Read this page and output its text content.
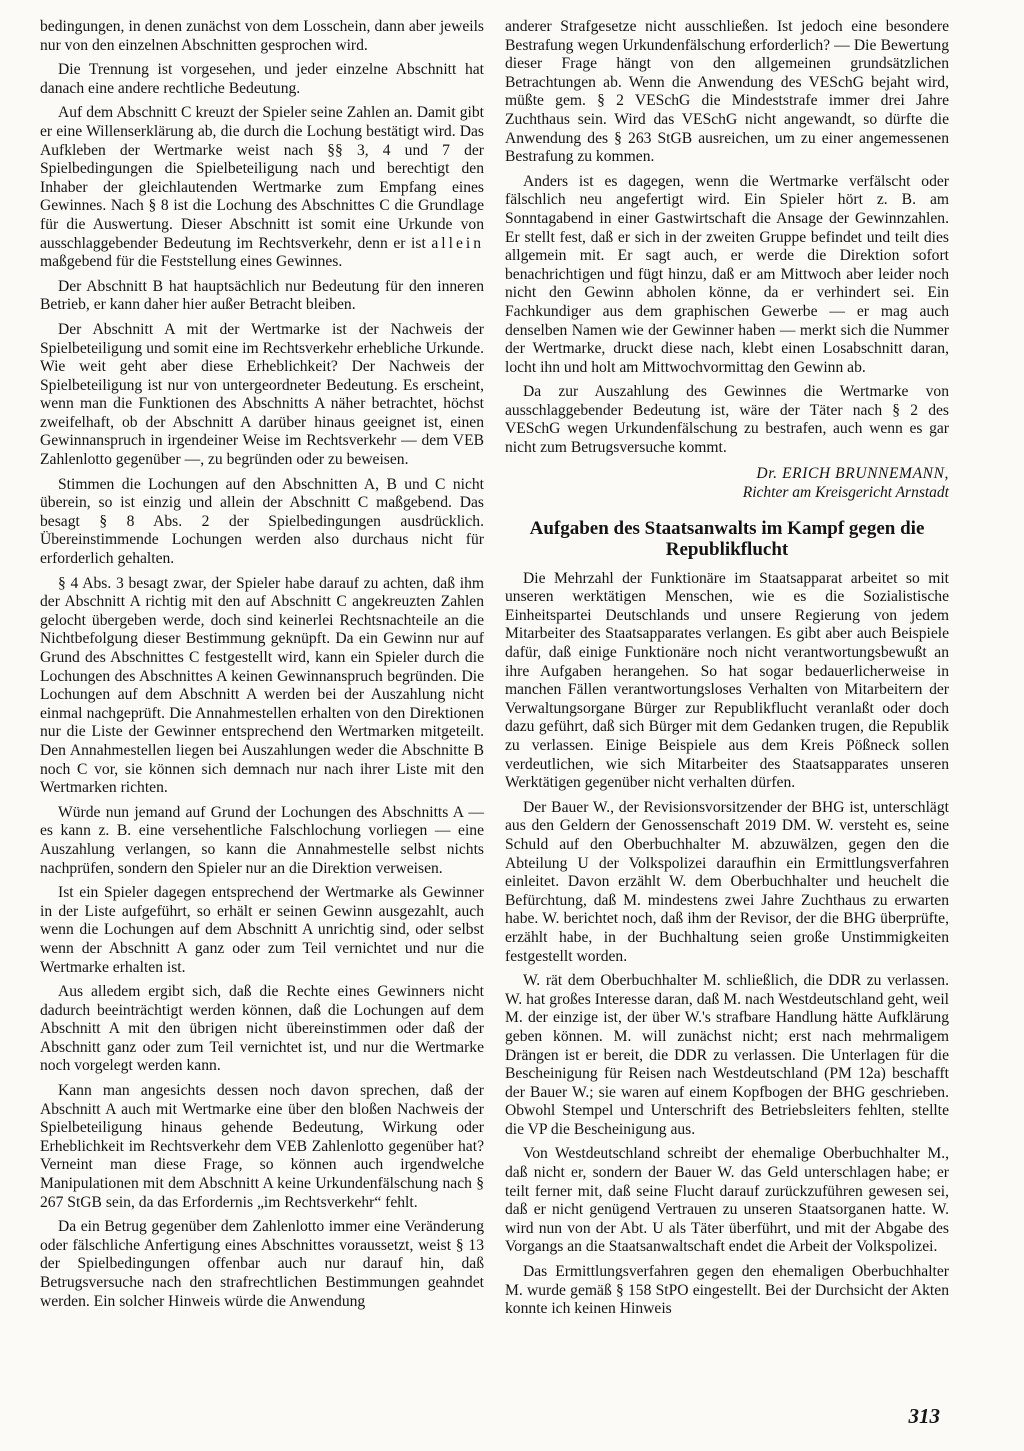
bedingungen, in denen zunächst von dem Losschein, dann aber jeweils nur von den einzelnen Abschnitten gesprochen wird.

Die Trennung ist vorgesehen, und jeder einzelne Abschnitt hat danach eine andere rechtliche Bedeutung.

Auf dem Abschnitt C kreuzt der Spieler seine Zahlen an. Damit gibt er eine Willenserklärung ab, die durch die Lochung bestätigt wird. Das Aufkleben der Wertmarke weist nach §§ 3, 4 und 7 der Spielbedingungen die Spielbeteiligung nach und berechtigt den Inhaber der gleichlautenden Wertmarke zum Empfang eines Gewinnes. Nach § 8 ist die Lochung des Abschnittes C die Grundlage für die Auswertung. Dieser Abschnitt ist somit eine Urkunde von ausschlaggebender Bedeutung im Rechtsverkehr, denn er ist allein maßgebend für die Feststellung eines Gewinnes.

Der Abschnitt B hat hauptsächlich nur Bedeutung für den inneren Betrieb, er kann daher hier außer Betracht bleiben.

Der Abschnitt A mit der Wertmarke ist der Nachweis der Spielbeteiligung und somit eine im Rechtsverkehr erhebliche Urkunde. Wie weit geht aber diese Erheblichkeit? Der Nachweis der Spielbeteiligung ist nur von untergeordneter Bedeutung. Es erscheint, wenn man die Funktionen des Abschnitts A näher betrachtet, höchst zweifelhaft, ob der Abschnitt A darüber hinaus geeignet ist, einen Gewinnanspruch in irgendeiner Weise im Rechtsverkehr — dem VEB Zahlenlotto gegenüber —, zu begründen oder zu beweisen.

Stimmen die Lochungen auf den Abschnitten A, B und C nicht überein, so ist einzig und allein der Abschnitt C maßgebend. Das besagt § 8 Abs. 2 der Spielbedingungen ausdrücklich. Übereinstimmende Lochungen werden also durchaus nicht für erforderlich gehalten.

§ 4 Abs. 3 besagt zwar, der Spieler habe darauf zu achten, daß ihm der Abschnitt A richtig mit den auf Abschnitt C angekreuzten Zahlen gelocht übergeben werde, doch sind keinerlei Rechtsnachteile an die Nichtbefolgung dieser Bestimmung geknüpft. Da ein Gewinn nur auf Grund des Abschnittes C festgestellt wird, kann ein Spieler durch die Lochungen des Abschnittes A keinen Gewinnanspruch begründen. Die Lochungen auf dem Abschnitt A werden bei der Auszahlung nicht einmal nachgeprüft. Die Annahmestellen erhalten von den Direktionen nur die Liste der Gewinner entsprechend den Wertmarken mitgeteilt. Den Annahmestellen liegen bei Auszahlungen weder die Abschnitte B noch C vor, sie können sich demnach nur nach ihrer Liste mit den Wertmarken richten.

Würde nun jemand auf Grund der Lochungen des Abschnitts A — es kann z. B. eine versehentliche Falschlochung vorliegen — eine Auszahlung verlangen, so kann die Annahmestelle selbst nichts nachprüfen, sondern den Spieler nur an die Direktion verweisen.

Ist ein Spieler dagegen entsprechend der Wertmarke als Gewinner in der Liste aufgeführt, so erhält er seinen Gewinn ausgezahlt, auch wenn die Lochungen auf dem Abschnitt A unrichtig sind, oder selbst wenn der Abschnitt A ganz oder zum Teil vernichtet und nur die Wertmarke erhalten ist.

Aus alledem ergibt sich, daß die Rechte eines Gewinners nicht dadurch beeinträchtigt werden können, daß die Lochungen auf dem Abschnitt A mit den übrigen nicht übereinstimmen oder daß der Abschnitt ganz oder zum Teil vernichtet ist, und nur die Wertmarke noch vorgelegt werden kann.

Kann man angesichts dessen noch davon sprechen, daß der Abschnitt A auch mit Wertmarke eine über den bloßen Nachweis der Spielbeteiligung hinaus gehende Bedeutung, Wirkung oder Erheblichkeit im Rechtsverkehr dem VEB Zahlenlotto gegenüber hat? Verneint man diese Frage, so können auch irgendwelche Manipulationen mit dem Abschnitt A keine Urkundenfälschung nach § 267 StGB sein, da das Erfordernis „im Rechtsverkehr“ fehlt.

Da ein Betrug gegenüber dem Zahlenlotto immer eine Veränderung oder fälschliche Anfertigung eines Abschnittes voraussetzt, weist § 13 der Spielbedingungen offenbar auch nur darauf hin, daß Betrugsversuche nach den strafrechtlichen Bestimmungen geahndet werden. Ein solcher Hinweis würde die Anwendung

anderer Strafgesetze nicht ausschließen. Ist jedoch eine besondere Bestrafung wegen Urkundenfälschung erforderlich? — Die Bewertung dieser Frage hängt von den allgemeinen grundsätzlichen Betrachtungen ab. Wenn die Anwendung des VESchG bejaht wird, müßte gem. § 2 VESchG die Mindeststrafe immer drei Jahre Zuchthaus sein. Wird das VESchG nicht angewandt, so dürfte die Anwendung des § 263 StGB ausreichen, um zu einer angemessenen Bestrafung zu kommen.

Anders ist es dagegen, wenn die Wertmarke verfälscht oder fälschlich neu angefertigt wird. Ein Spieler hört z. B. am Sonntagabend in einer Gastwirtschaft die Ansage der Gewinnzahlen. Er stellt fest, daß er sich in der zweiten Gruppe befindet und teilt dies allgemein mit. Er sagt auch, er werde die Direktion sofort benachrichtigen und fügt hinzu, daß er am Mittwoch aber leider noch nicht den Gewinn abholen könne, da er verhindert sei. Ein Fachkundiger aus dem graphischen Gewerbe — er mag auch denselben Namen wie der Gewinner haben — merkt sich die Nummer der Wertmarke, druckt diese nach, klebt einen Losabschnitt daran, locht ihn und holt am Mittwochvormittag den Gewinn ab.

Da zur Auszahlung des Gewinnes die Wertmarke von ausschlaggebender Bedeutung ist, wäre der Täter nach § 2 des VESchG wegen Urkundenfälschung zu bestrafen, auch wenn es gar nicht zum Betrugsversuche kommt.

Dr. ERICH BRUNNEMANN,
Richter am Kreisgericht Arnstadt
Aufgaben des Staatsanwalts im Kampf gegen die Republikflucht

Die Mehrzahl der Funktionäre im Staatsapparat arbeitet so mit unseren werktätigen Menschen, wie es die Sozialistische Einheitspartei Deutschlands und unsere Regierung von jedem Mitarbeiter des Staatsapparates verlangen. Es gibt aber auch Beispiele dafür, daß einige Funktionäre noch nicht verantwortungsbewußt an ihre Aufgaben herangehen. So hat sogar bedauerlicherweise in manchen Fällen verantwortungsloses Verhalten von Mitarbeitern der Verwaltungsorgane Bürger zur Republikflucht veranlaßt oder doch dazu geführt, daß sich Bürger mit dem Gedanken trugen, die Republik zu verlassen. Einige Beispiele aus dem Kreis Pößneck sollen verdeutlichen, wie sich Mitarbeiter des Staatsapparates unseren Werktätigen gegenüber nicht verhalten dürfen.

Der Bauer W., der Revisionsvorsitzender der BHG ist, unterschlägt aus den Geldern der Genossenschaft 2019 DM. W. versteht es, seine Schuld auf den Oberbuchhalter M. abzuwälzen, gegen den die Abteilung U der Volkspolizei daraufhin ein Ermittlungsverfahren einleitet. Davon erzählt W. dem Oberbuchhalter und heuchelt die Befürchtung, daß M. mindestens zwei Jahre Zuchthaus zu erwarten habe. W. berichtet noch, daß ihm der Revisor, der die BHG überprüfte, erzählt habe, in der Buchhaltung seien große Unstimmigkeiten festgestellt worden.

W. rät dem Oberbuchhalter M. schließlich, die DDR zu verlassen. W. hat großes Interesse daran, daß M. nach Westdeutschland geht, weil M. der einzige ist, der über W.'s strafbare Handlung hätte Aufklärung geben können. M. will zunächst nicht; erst nach mehrmaligem Drängen ist er bereit, die DDR zu verlassen. Die Unterlagen für die Bescheinigung für Reisen nach Westdeutschland (PM 12a) beschafft der Bauer W.; sie waren auf einem Kopfbogen der BHG geschrieben. Obwohl Stempel und Unterschrift des Betriebsleiters fehlten, stellte die VP die Bescheinigung aus.

Von Westdeutschland schreibt der ehemalige Oberbuchhalter M., daß nicht er, sondern der Bauer W. das Geld unterschlagen habe; er teilt ferner mit, daß seine Flucht darauf zurückzuführen gewesen sei, daß er nicht genügend Vertrauen zu unseren Staatsorganen hatte. W. wird nun von der Abt. U als Täter überführt, und mit der Abgabe des Vorgangs an die Staatsanwaltschaft endet die Arbeit der Volkspolizei.

Das Ermittlungsverfahren gegen den ehemaligen Oberbuchhalter M. wurde gemäß § 158 StPO eingestellt. Bei der Durchsicht der Akten konnte ich keinen Hinweis

313
